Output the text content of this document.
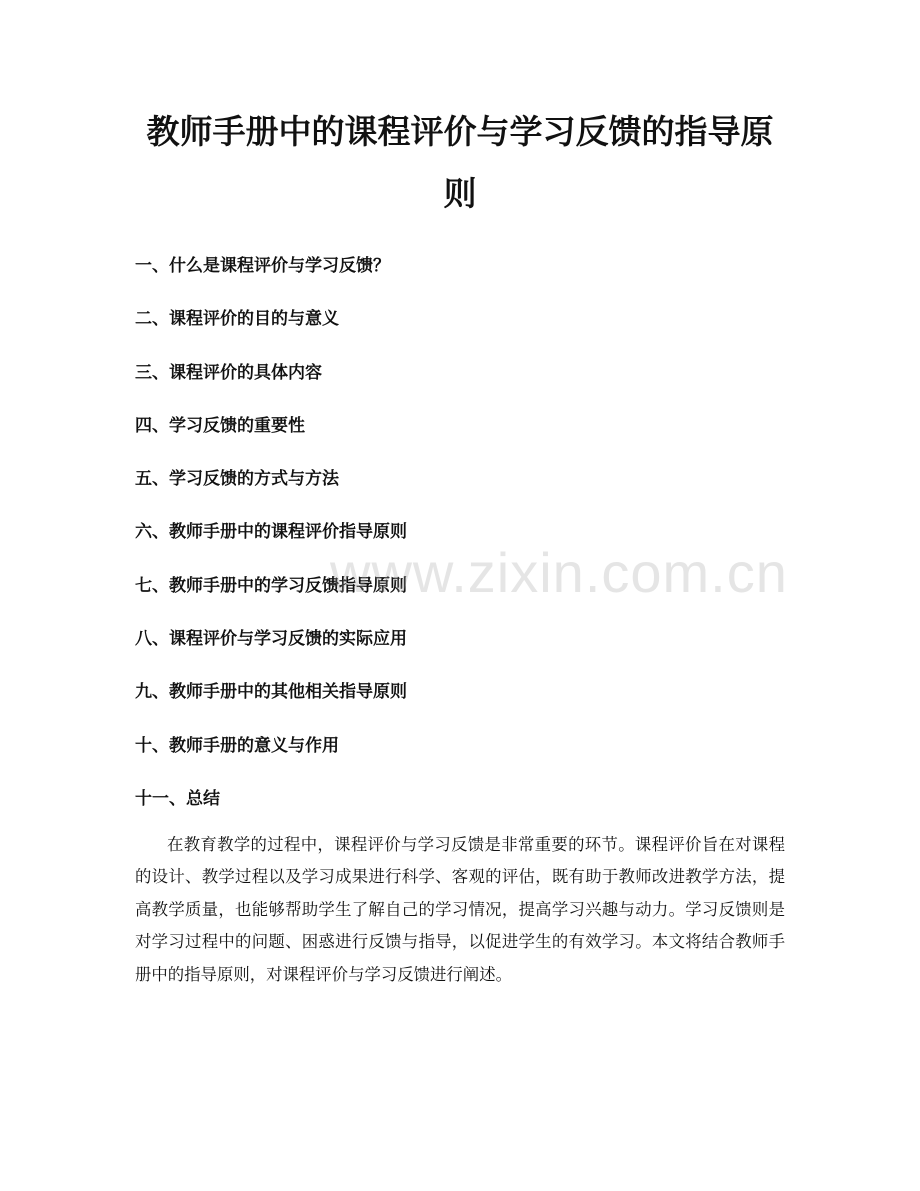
教师手册中的课程评价与学习反馈的指导原则
一、什么是课程评价与学习反馈？
二、课程评价的目的与意义
三、课程评价的具体内容
四、学习反馈的重要性
五、学习反馈的方式与方法
六、教师手册中的课程评价指导原则
七、教师手册中的学习反馈指导原则
八、课程评价与学习反馈的实际应用
九、教师手册中的其他相关指导原则
十、教师手册的意义与作用
十一、总结

在教育教学的过程中，课程评价与学习反馈是非常重要的环节。课程评价旨在对课程的设计、教学过程以及学习成果进行科学、客观的评估，既有助于教师改进教学方法，提高教学质量，也能够帮助学生了解自己的学习情况，提高学习兴趣与动力。学习反馈则是对学习过程中的问题、困惑进行反馈与指导，以促进学生的有效学习。本文将结合教师手册中的指导原则，对课程评价与学习反馈进行阐述。

www.zixin.com.cn
